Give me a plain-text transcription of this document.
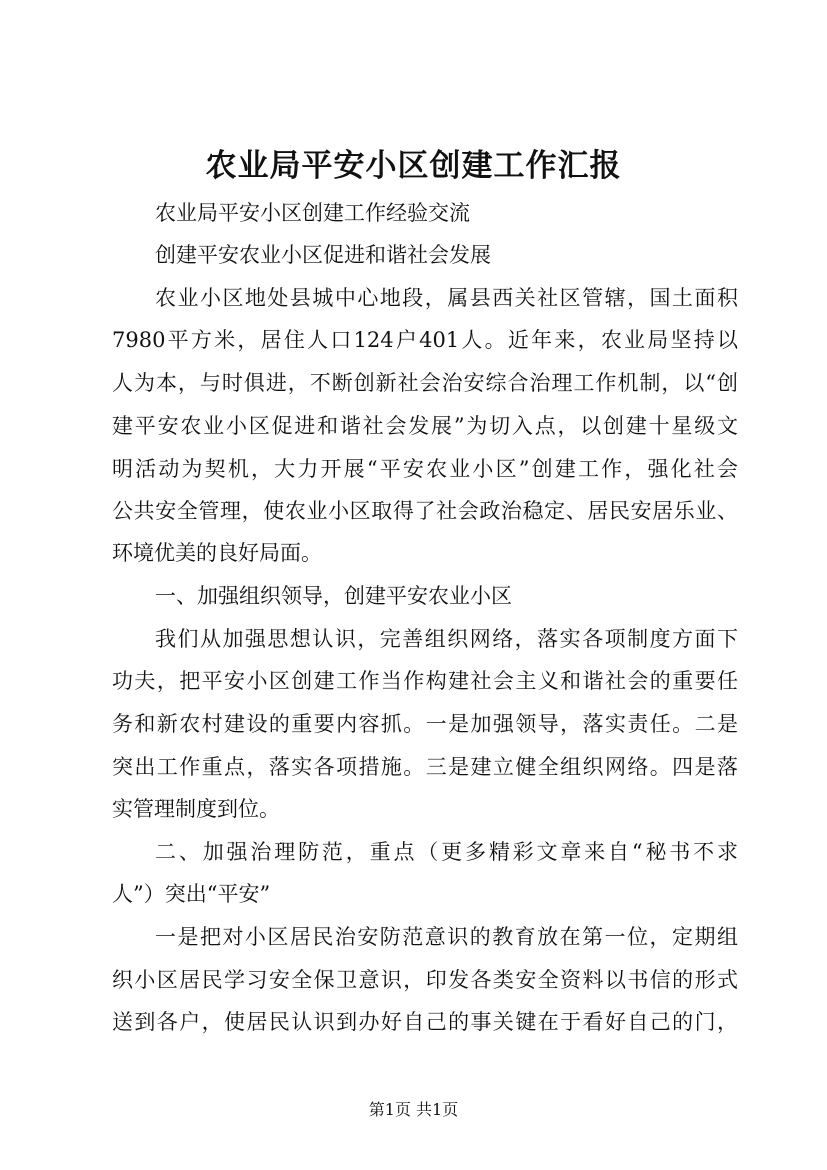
农业局平安小区创建工作汇报
农业局平安小区创建工作经验交流
创建平安农业小区促进和谐社会发展
农业小区地处县城中心地段，属县西关社区管辖，国土面积
7980平方米，居住人口124户401人。近年来，农业局坚持以
人为本，与时俱进，不断创新社会治安综合治理工作机制，以“创
建平安农业小区促进和谐社会发展”为切入点，以创建十星级文
明活动为契机，大力开展“平安农业小区”创建工作，强化社会
公共安全管理，使农业小区取得了社会政治稳定、居民安居乐业、
环境优美的良好局面。
一、加强组织领导，创建平安农业小区
我们从加强思想认识，完善组织网络，落实各项制度方面下
功夫，把平安小区创建工作当作构建社会主义和谐社会的重要任
务和新农村建设的重要内容抓。一是加强领导，落实责任。二是
突出工作重点，落实各项措施。三是建立健全组织网络。四是落
实管理制度到位。
二、加强治理防范，重点（更多精彩文章来自“秘书不求
人”）突出“平安”
一是把对小区居民治安防范意识的教育放在第一位，定期组
织小区居民学习安全保卫意识，印发各类安全资料以书信的形式
送到各户，使居民认识到办好自己的事关键在于看好自己的门，
第1页 共1页
